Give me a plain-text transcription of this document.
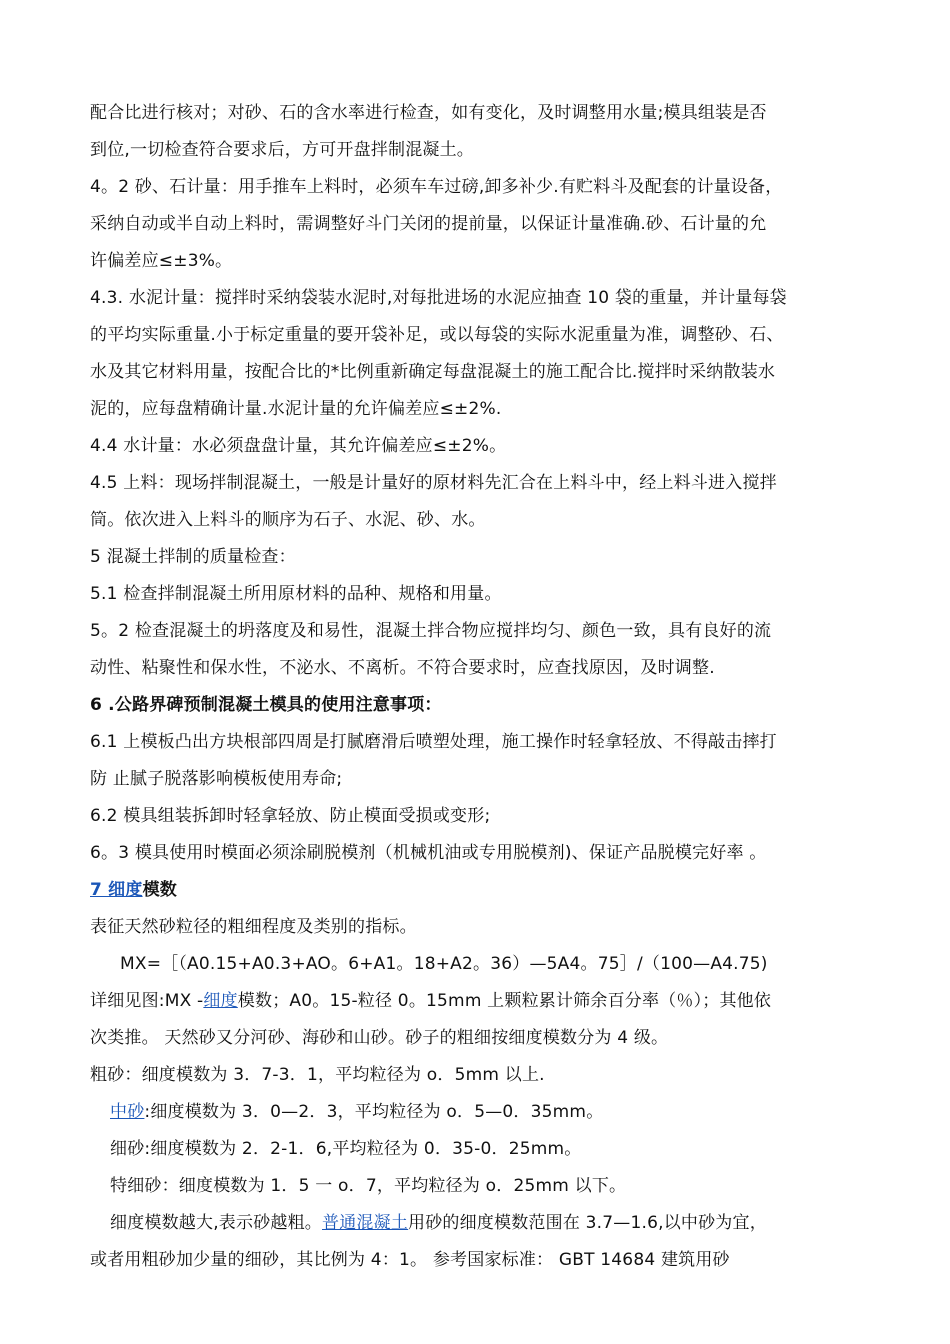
配合比进行核对；对砂、石的含水率进行检查，如有变化，及时调整用水量;模具组装是否
到位,一切检查符合要求后，方可开盘拌制混凝土。
4。2 砂、石计量：用手推车上料时，必须车车过磅,卸多补少.有贮料斗及配套的计量设备，
采纳自动或半自动上料时，需调整好斗门关闭的提前量，以保证计量准确.砂、石计量的允
许偏差应≤±3%。
4.3. 水泥计量：搅拌时采纳袋装水泥时,对每批进场的水泥应抽查 10 袋的重量，并计量每袋
的平均实际重量.小于标定重量的要开袋补足，或以每袋的实际水泥重量为准，调整砂、石、
水及其它材料用量，按配合比的*比例重新确定每盘混凝土的施工配合比.搅拌时采纳散装水
泥的，应每盘精确计量.水泥计量的允许偏差应≤±2%.
4.4 水计量：水必须盘盘计量，其允许偏差应≤±2%。
4.5 上料：现场拌制混凝土，一般是计量好的原材料先汇合在上料斗中，经上料斗进入搅拌
筒。依次进入上料斗的顺序为石子、水泥、砂、水。
5 混凝土拌制的质量检查：
5.1 检查拌制混凝土所用原材料的品种、规格和用量。
5。2 检查混凝土的坍落度及和易性，混凝土拌合物应搅拌均匀、颜色一致，具有良好的流
动性、粘聚性和保水性，不泌水、不离析。不符合要求时，应查找原因，及时调整.
6 .公路界碑预制混凝土模具的使用注意事项：
6.1 上模板凸出方块根部四周是打腻磨滑后喷塑处理，施工操作时轻拿轻放、不得敲击摔打
防 止腻子脱落影响模板使用寿命;
6.2 模具组装拆卸时轻拿轻放、防止模面受损或变形;
6。3 模具使用时模面必须涂刷脱模剂（机械机油或专用脱模剂)、保证产品脱模完好率 。
7 细度模数
表征天然砂粒径的粗细程度及类别的指标。
MX=［（A0.15+A0.3+AO。6+A1。18+A2。36）—5A4。75］/（100—A4.75)
详细见图:MX -细度模数；A0。15-粒径 0。15mm 上颗粒累计筛余百分率（％）；其他依
次类推。 天然砂又分河砂、海砂和山砂。砂子的粗细按细度模数分为 4 级。
粗砂：细度模数为 3．7-3．1，平均粒径为 o．5mm 以上.
中砂:细度模数为 3．0—2．3，平均粒径为 o．5—0．35mm。
细砂:细度模数为 2．2-1．6,平均粒径为 0．35-0．25mm。
特细砂：细度模数为 1．5 一 o．7，平均粒径为 o．25mm 以下。
细度模数越大,表示砂越粗。普通混凝土用砂的细度模数范围在 3.7—1.6,以中砂为宜，
或者用粗砂加少量的细砂，其比例为 4：1。 参考国家标准： GBT 14684 建筑用砂
